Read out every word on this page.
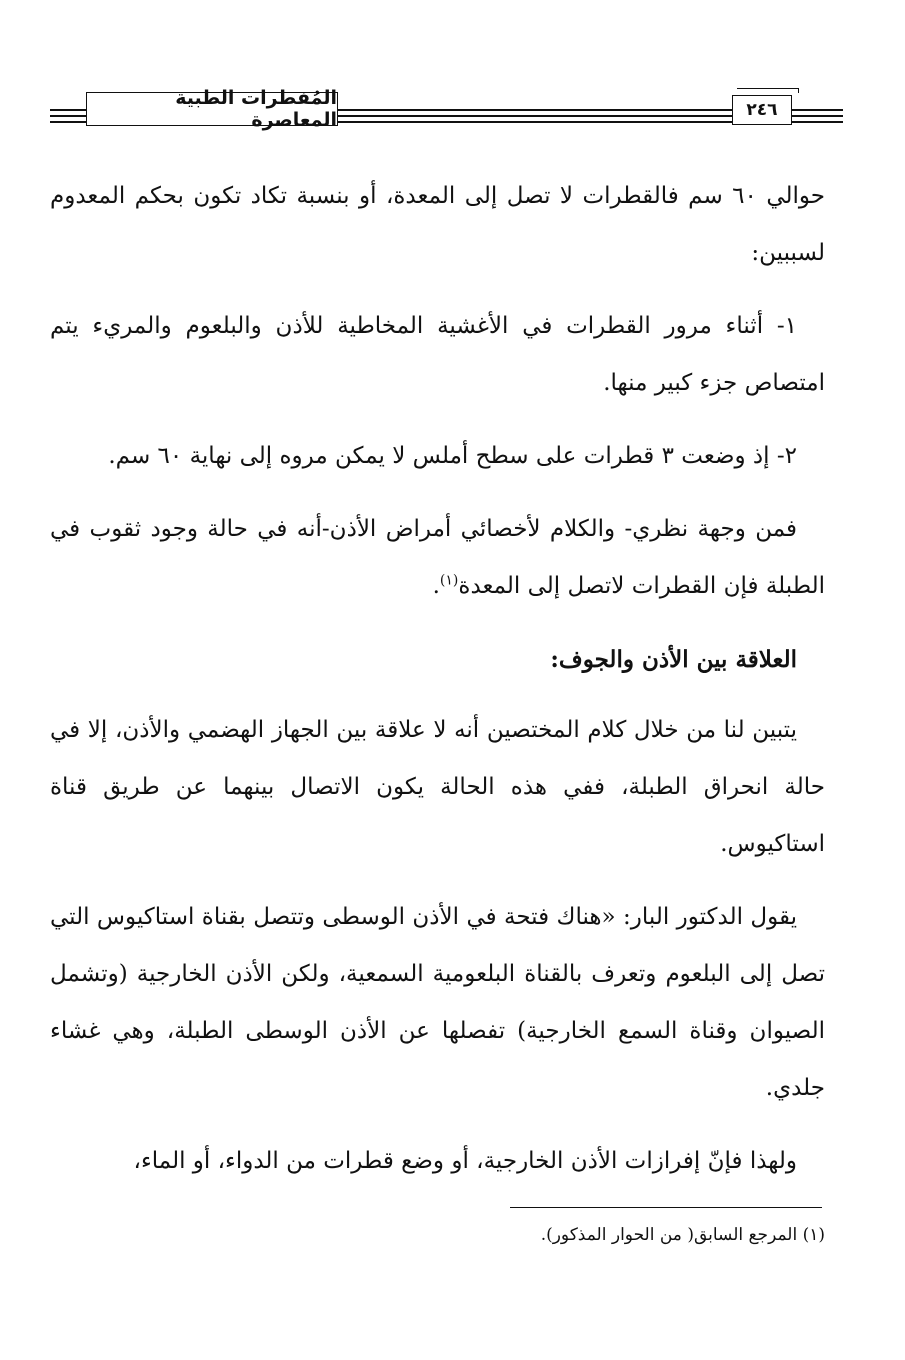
المُفطرات الطبية المعاصرة	٢٤٦

حوالي ٦٠ سم فالقطرات لا تصل إلى المعدة، أو بنسبة تكاد تكون بحكم المعدوم لسببين:

١- أثناء مرور القطرات في الأغشية المخاطية للأذن والبلعوم والمريء يتم امتصاص جزء كبير منها.

٢- إذ وضعت ٣ قطرات على سطح أملس لا يمكن مروه إلى نهاية ٦٠ سم.

فمن وجهة نظري- والكلام لأخصائي أمراض الأذن-أنه في حالة وجود ثقوب في الطبلة فإن القطرات لاتصل إلى المعدة$^{(١)}$.

العلاقة بين الأذن والجوف:

يتبين لنا من خلال كلام المختصين أنه لا علاقة بين الجهاز الهضمي والأذن، إلا في حالة انحراق الطبلة، ففي هذه الحالة يكون الاتصال بينهما عن طريق قناة استاكيوس.

يقول الدكتور البار: «هناك فتحة في الأذن الوسطى وتتصل بقناة استاكيوس التي تصل إلى البلعوم وتعرف بالقناة البلعومية السمعية، ولكن الأذن الخارجية (وتشمل الصيوان وقناة السمع الخارجية) تفصلها عن الأذن الوسطى الطبلة، وهي غشاء جلدي.

ولهذا فإنّ إفرازات الأذن الخارجية، أو وضع قطرات من الدواء، أو الماء،

(١) المرجع السابق( من الحوار المذكور).
